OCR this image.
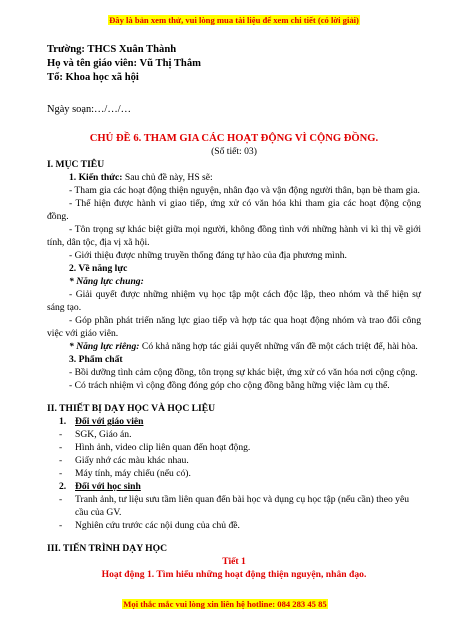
Đây là bản xem thử, vui lòng mua tài liệu để xem chi tiết (có lời giải)

Trường: THCS Xuân Thành

Họ và tên giáo viên: Vũ Thị Thắm

Tổ: Khoa học xã hội

Ngày soạn:…/…/…
CHỦ ĐỀ 6. THAM GIA CÁC HOẠT ĐỘNG VÌ CỘNG ĐỒNG.
(Số tiết: 03)
I. MỤC TIÊU
1. Kiến thức: Sau chủ đề này, HS sẽ:

- Tham gia các hoạt động thiện nguyện, nhân đạo và vận động người thân, bạn bè tham gia.

- Thể hiện được hành vi giao tiếp, ứng xử có văn hóa khi tham gia các hoạt động cộng đồng.

- Tôn trọng sự khác biệt giữa mọi người, không đồng tình với những hành vi kì thị về giới tính, dân tộc, địa vị xã hội.

- Giới thiệu được những truyền thống đáng tự hào của địa phương mình.

2. Về năng lực
* Năng lực chung:

- Giải quyết được những nhiệm vụ học tập một cách độc lập, theo nhóm và thể hiện sự sáng tạo.

- Góp phần phát triển năng lực giao tiếp và hợp tác qua hoạt động nhóm và trao đổi công việc với giáo viên.

* Năng lực riêng: Có khả năng hợp tác giải quyết những vấn đề một cách triệt để, hài hòa.

3. Phẩm chất

- Bồi dưỡng tình cảm cộng đồng, tôn trọng sự khác biệt, ứng xử có văn hóa nơi cộng cộng.

- Có trách nhiệm vì cộng đồng đóng góp cho cộng đồng bằng hững việc làm cụ thể.

II. THIẾT BỊ DẠY HỌC VÀ HỌC LIỆU
1. Đối với giáo viên
-	SGK, Giáo án.
-	Hình ảnh, video clip liên quan đến hoạt động.
-	Giấy nhớ các màu khác nhau.
-	Máy tính, máy chiếu (nếu có).
2. Đối với học sinh
-	Tranh ảnh, tư liệu sưu tầm liên quan đến bài học và dụng cụ học tập (nếu cần) theo yêu cầu của GV.
-	Nghiên cứu trước các nội dung của chủ đề.
III. TIẾN TRÌNH DẠY HỌC
Tiết 1
Hoạt động 1. Tìm hiểu những hoạt động thiện nguyện, nhân đạo.
Mọi thắc mắc vui lòng xin liên hệ hotline: 084 283 45 85
